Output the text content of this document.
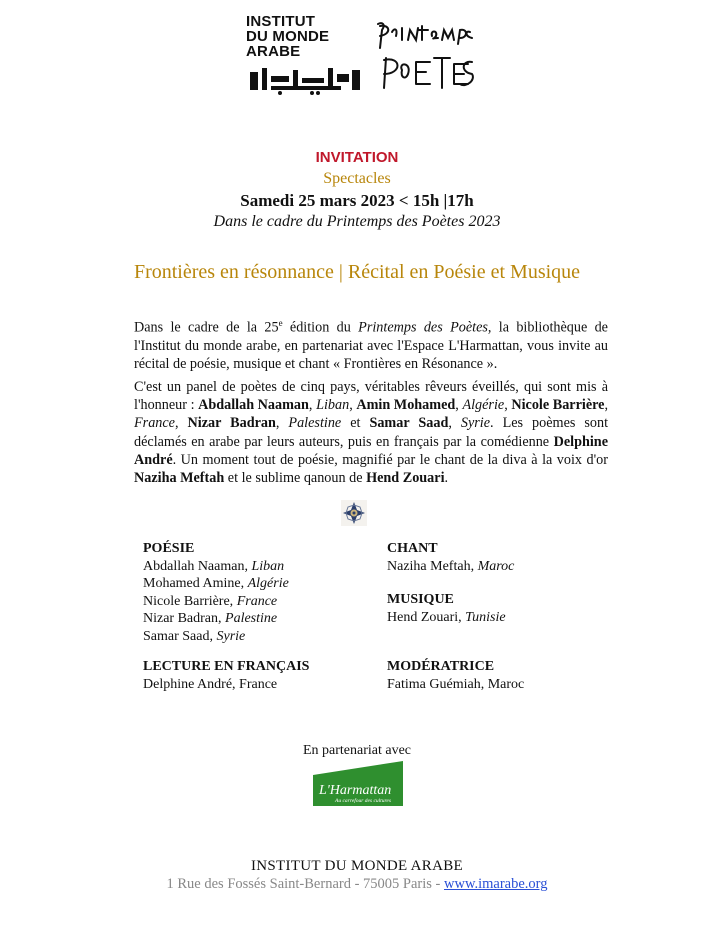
INSTITUT
DU MONDE
ARABE
INVITATION
Spectacles
Samedi 25 mars 2023 < 15h |17h
Dans le cadre du Printemps des Poètes 2023
Frontières en résonnance | Récital en Poésie et Musique
Dans le cadre de la 25e édition du Printemps des Poètes, la bibliothèque de l'Institut du monde arabe, en partenariat avec l'Espace L'Harmattan, vous invite au récital de poésie, musique et chant « Frontières en Résonance ».
C'est un panel de poètes de cinq pays, véritables rêveurs éveillés, qui sont mis à l'honneur : Abdallah Naaman, Liban, Amin Mohamed, Algérie, Nicole Barrière, France, Nizar Badran, Palestine et Samar Saad, Syrie. Les poèmes sont déclamés en arabe par leurs auteurs, puis en français par la comédienne Delphine André. Un moment tout de poésie, magnifié par le chant de la diva à la voix d'or Naziha Meftah et le sublime qanoun de Hend Zouari.
POÉSIE
Abdallah Naaman, Liban
Mohamed Amine, Algérie
Nicole Barrière, France
Nizar Badran, Palestine
Samar Saad, Syrie
CHANT
Naziha Meftah, Maroc
MUSIQUE
Hend Zouari, Tunisie
LECTURE EN FRANÇAIS
Delphine André, France
MODÉRATRICE
Fatima Guémiah, Maroc
En partenariat avec
L'Harmattan
Au carrefour des cultures
INSTITUT DU MONDE ARABE
1 Rue des Fossés Saint-Bernard - 75005 Paris - www.imarabe.org
